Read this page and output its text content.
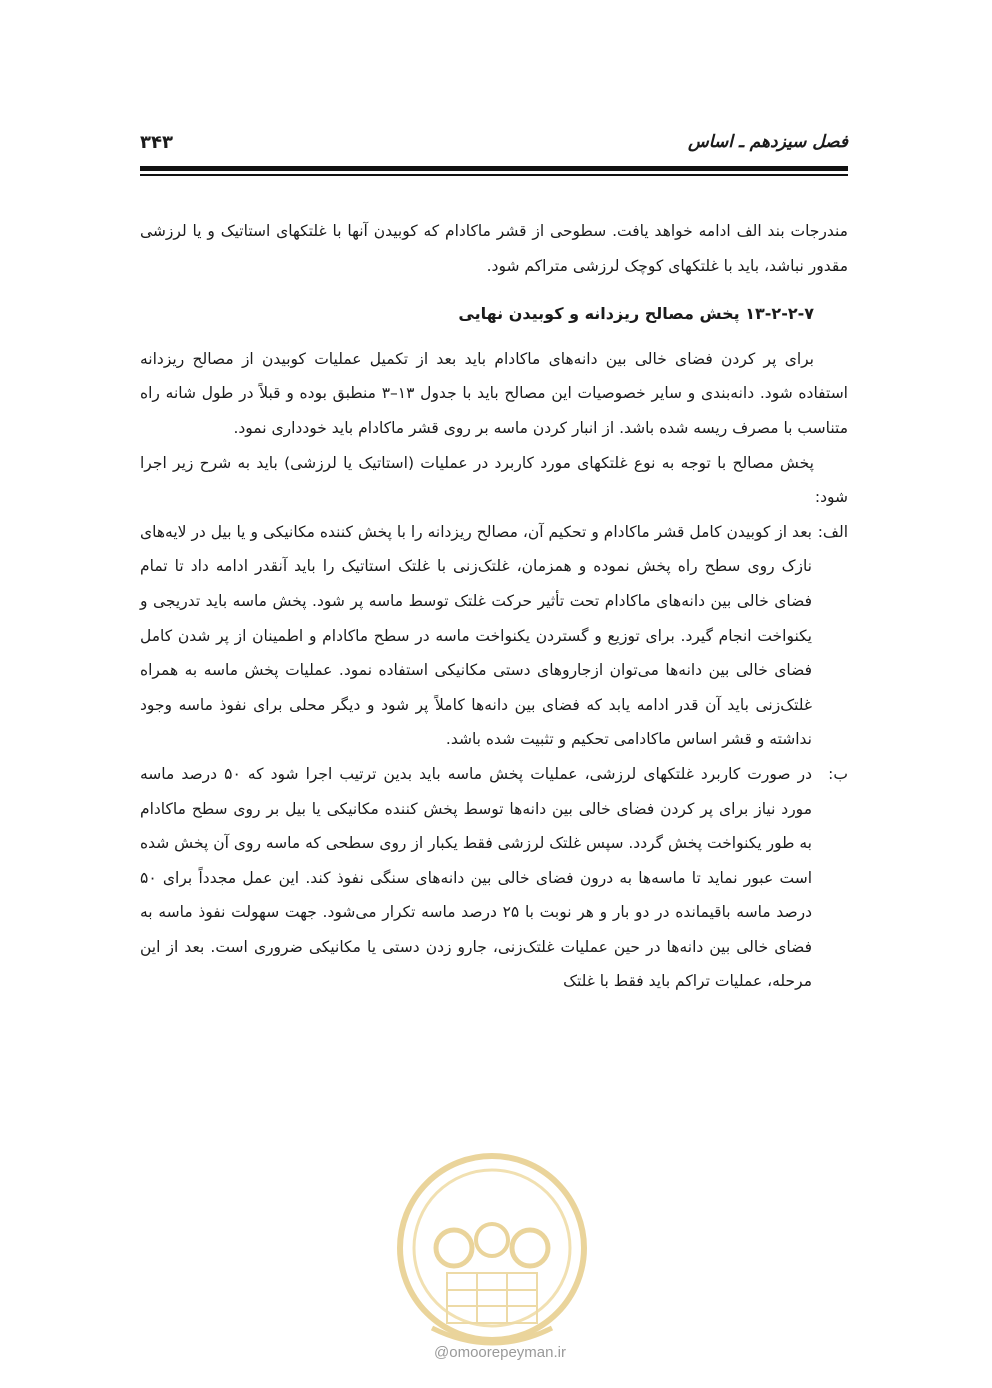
فصل سیزدهم ـ اساس
۳۴۳

مندرجات بند الف ادامه خواهد یافت. سطوحی از قشر ماکادام که کوبیدن آنها با غلتکهای استاتیک و یا لرزشی مقدور نباشد، باید با غلتکهای کوچک لرزشی متراکم شود.

۱۳-۲-۲-۷ پخش مصالح ریزدانه و کوبیدن نهایی

برای پر کردن فضای خالی بین دانه‌های ماکادام باید بعد از تکمیل عملیات کوبیدن از مصالح ریزدانه استفاده شود. دانه‌بندی و سایر خصوصیات این مصالح باید با جدول ۱۳–۳ منطبق بوده و قبلاً در طول شانه راه متناسب با مصرف ریسه شده باشد. از انبار کردن ماسه بر روی قشر ماکادام باید خودداری نمود.

پخش مصالح با توجه به نوع غلتکهای مورد کاربرد در عملیات (استاتیک یا لرزشی) باید به شرح زیر اجرا شود:

الف:

بعد از کوبیدن کامل قشر ماکادام و تحکیم آن، مصالح ریزدانه را با پخش کننده مکانیکی و یا بیل در لایه‌های نازک روی سطح راه پخش نموده و همزمان، غلتک‌زنی با غلتک استاتیک را باید آنقدر ادامه داد تا تمام فضای خالی بین دانه‌های ماکادام تحت تأثیر حرکت غلتک توسط ماسه پر شود. پخش ماسه باید تدریجی و یکنواخت انجام گیرد. برای توزیع و گستردن یکنواخت ماسه در سطح ماکادام و اطمینان از پر شدن کامل فضای خالی بین دانه‌ها می‌توان ازجاروهای دستی مکانیکی استفاده نمود. عملیات پخش ماسه به همراه غلتک‌زنی باید آن قدر ادامه یابد که فضای بین دانه‌ها کاملاً پر شود و دیگر محلی برای نفوذ ماسه وجود نداشته و قشر اساس ماکادامی تحکیم و تثبیت شده باشد.

ب:

در صورت کاربرد غلتکهای لرزشی، عملیات پخش ماسه باید بدین ترتیب اجرا شود که ۵۰ درصد ماسه مورد نیاز برای پر کردن فضای خالی بین دانه‌ها توسط پخش کننده مکانیکی یا بیل بر روی سطح ماکادام به طور یکنواخت پخش گردد. سپس غلتک لرزشی فقط یکبار از روی سطحی که ماسه روی آن پخش شده است عبور نماید تا ماسه‌ها به درون فضای خالی بین دانه‌های سنگی نفوذ کند. این عمل مجدداً برای ۵۰ درصد ماسه باقیمانده در دو بار و هر نوبت با ۲۵ درصد ماسه تکرار می‌شود. جهت سهولت نفوذ ماسه به فضای خالی بین دانه‌ها در حین عملیات غلتک‌زنی، جارو زدن دستی یا مکانیکی ضروری است. بعد از این مرحله، عملیات تراکم باید فقط با غلتک

@omoorepeyman.ir
